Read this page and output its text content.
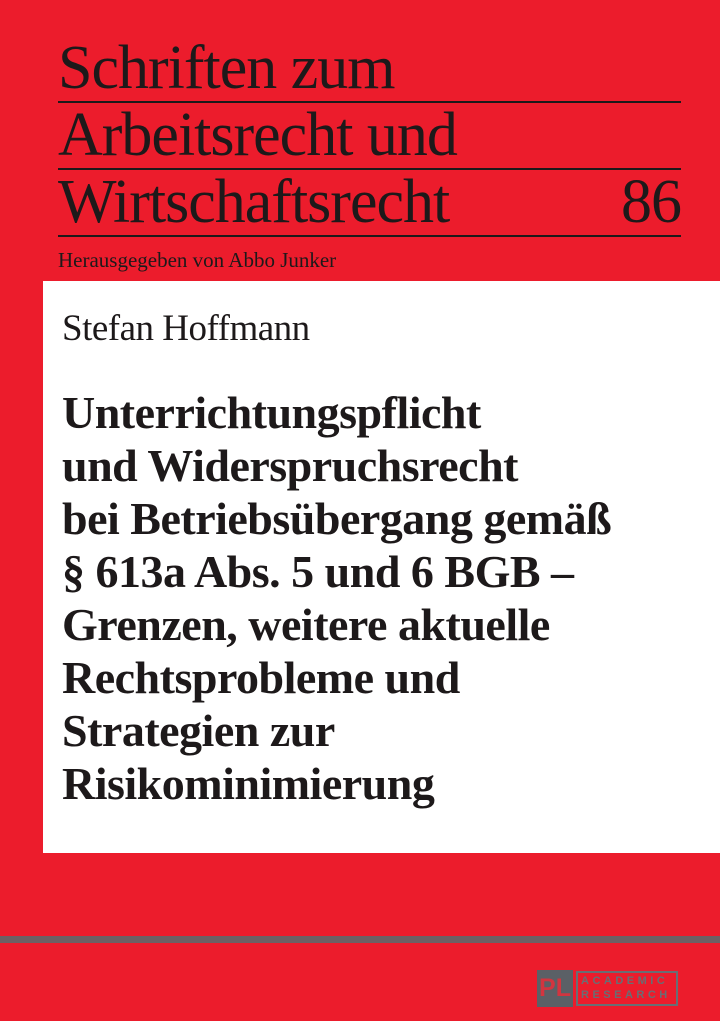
Schriften zum
Arbeitsrecht und
Wirtschaftsrecht	86
Herausgegeben von Abbo Junker
Stefan Hoffmann
Unterrichtungspflicht
und Widerspruchsrecht
bei Betriebsübergang gemäß
§ 613a Abs. 5 und 6 BGB –
Grenzen, weitere aktuelle
Rechtsprobleme und
Strategien zur
Risikominimierung
PL ACADEMIC
RESEARCH
